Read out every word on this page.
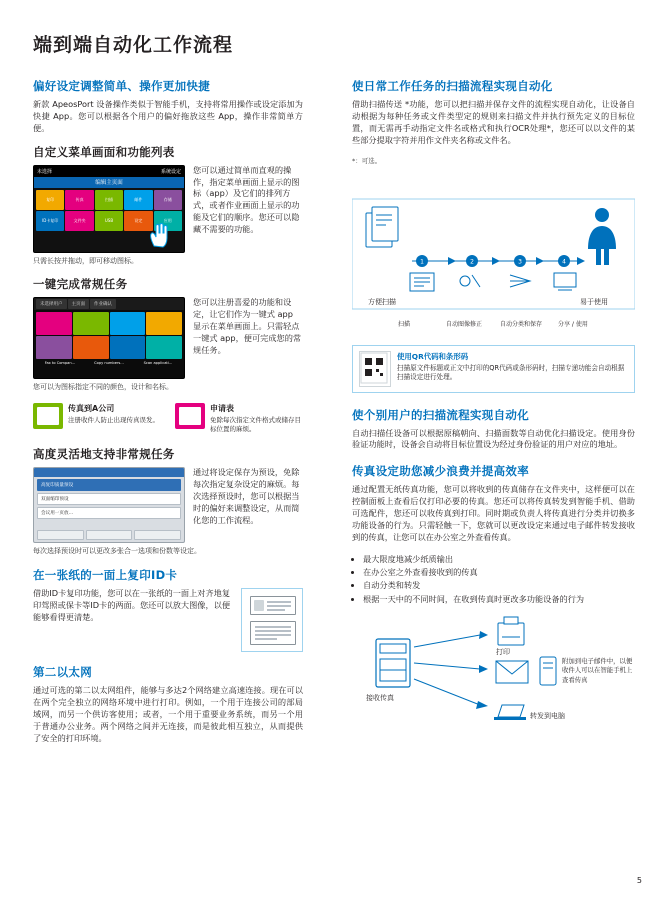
端到端自动化工作流程
偏好设定调整简单、操作更加快捷

新款 ApeosPort 设备操作类似于智能手机，支持将常用操作或设定添加为快捷 App。您可以根据各个用户的偏好拖放这些 App，操作非常简单方便。

自定义菜单画面和功能列表
未选择	系统设定
编辑主页面
复印	传真	扫描	邮件	存储
ID卡复印	文件夹	USB	设定	应用
您可以通过简单而直观的操作，指定菜单画面上显示的图标（app）及它们的排列方式，或者作业画面上显示的功能及它们的顺序。您还可以隐藏不需要的功能。

只需长按并拖动，即可移动图标。

一键完成常规任务
未选择用户	主页面	作业确认
Fax to Compan…	Copy numbers…	Scan applicati…
您可以注册喜爱的功能和设定，让它们作为一键式 app 显示在菜单画面上。只需轻点一键式 app，便可完成您的常规任务。

您可以为图标指定不同的颜色，设计和名标。

传真到A公司
注册收件人防止出现传真误发。
申请表
免除每次指定文件格式或储存目标位置的麻烦。
高度灵活地支持非常规任务
高复印质量预设
双面缩印预设
会议用一页放…
通过将设定保存为预设，免除每次指定复杂设定的麻烦。每次选择预设时，您可以根据当时的偏好来调整设定，从而简化您的工作流程。

每次选择预设时可以更改多张合一选项和份数等设定。

在一张纸的一面上复印ID卡
借助ID卡复印功能，您可以在一张纸的一面上对齐地复印驾照或保卡等ID卡的两面。您还可以放大图像，以便能够看得更清楚。
第二以太网

通过可选的第二以太网组件，能够与多达2个网络建立高速连接。现在可以在两个完全独立的网络环境中进行打印。例如，一个用于连接公司的部局域网，而另一个供访客使用；或者，一个用于重要业务系统，而另一个用于普通办公业务。两个网络之间并无连接，而是彼此相互独立，从而提供了安全的打印环境。

使日常工作任务的扫描流程实现自动化

借助扫描传送 *功能，您可以把扫描并保存文件的流程实现自动化，让设备自动根据为每种任务或文件类型定的规则来扫描文件并执行预先定义的目标位置，而无需再手动指定文件名或格式和执行OCR处理*，您还可以以文件的某些部分提取字符并用作文件夹名称或文件名。

*：可选。

1	2	3	4
方便扫描	易于使用
扫描	自动图像修正	自动分类和保存	分享 / 使用
使用QR代码和条形码
扫描原文件标题或正文中打印的QR代码或条形码时，扫描专递功能会自动根据扫描设定进行处理。
使个别用户的扫描流程实现自动化

自动扫描任设备可以根据原稿朝向、扫描面数等自动优化扫描设定。使用身份验证功能时，设备会自动将目标位置设为经过身份验证的用户对应的地址。

传真设定助您减少浪费并提高效率

通过配置无纸传真功能，您可以将收到的传真储存在文件夹中，这样便可以在控制面板上查看后仅打印必要的传真。您还可以将传真转发到智能手机、借助可选配件，您还可以收传真到打印。同时期或负责人将传真进行分类并切换多功能设备的行为。只需轻触一下，您就可以更改设定来通过电子邮件转发接收到的传真，让您可以在办公室之外查看传真。

• 最大限度地减少纸质输出
• 在办公室之外查看接收到的传真
• 自动分类和转发
• 根据一天中的不同时间，在收到传真时更改多功能设备的行为
接收传真
打印
转发到电脑
附加到电子邮件中，以便收件人可以在智能手机上查看传真
5
